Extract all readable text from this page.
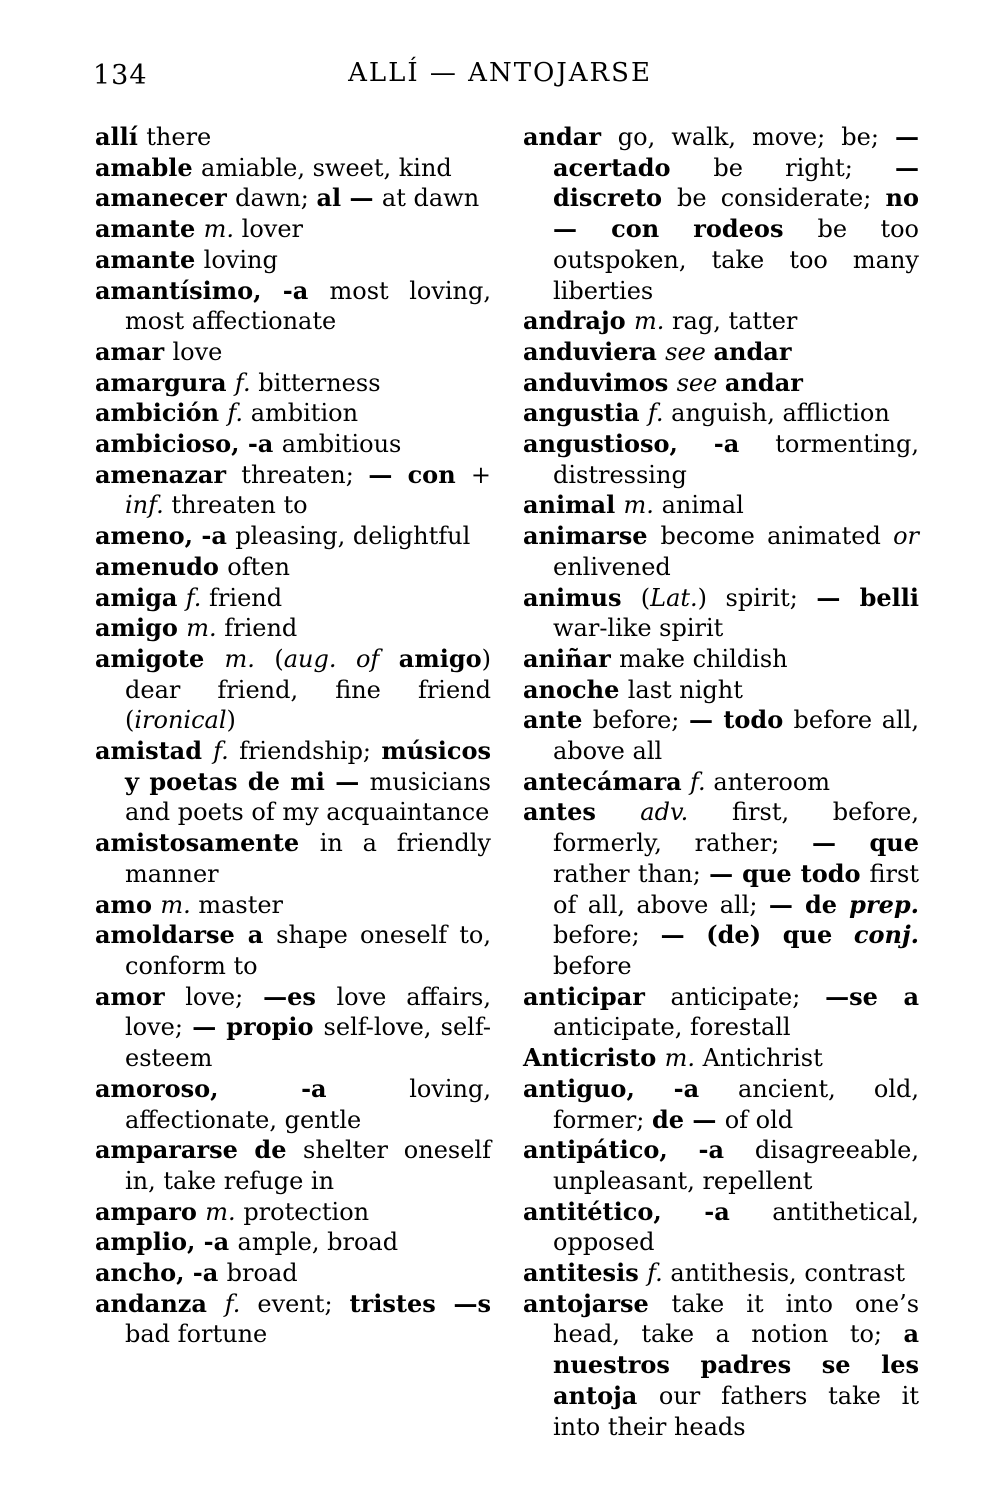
134	ALLÍ — ANTOJARSE
allí there
amable amiable, sweet, kind
amanecer dawn; al — at dawn
amante m. lover
amante loving
amantísimo, -a most loving, most affectionate
amar love
amargura f. bitterness
ambición f. ambition
ambicioso, -a ambitious
amenazar threaten; — con + inf. threaten to
ameno, -a pleasing, delightful
amenudo often
amiga f. friend
amigo m. friend
amigote m. (aug. of amigo) dear friend, fine friend (ironical)
amistad f. friendship; músicos y poetas de mi — musicians and poets of my acquaintance
amistosamente in a friendly manner
amo m. master
amoldarse a shape oneself to, conform to
amor love; —es love affairs, love; — propio self-love, self-esteem
amoroso, -a loving, affectionate, gentle
ampararse de shelter oneself in, take refuge in
amparo m. protection
amplio, -a ample, broad
ancho, -a broad
andanza f. event; tristes —s bad fortune
andar go, walk, move; be; — acertado be right; — discreto be considerate; no — con rodeos be too outspoken, take too many liberties
andrajo m. rag, tatter
anduviera see andar
anduvimos see andar
angustia f. anguish, affliction
angustioso, -a tormenting, distressing
animal m. animal
animarse become animated or enlivened
animus (Lat.) spirit; — belli war-like spirit
aniñar make childish
anoche last night
ante before; — todo before all, above all
antecámara f. anteroom
antes adv. first, before, formerly, rather; — que rather than; — que todo first of all, above all; — de prep. before; — (de) que conj. before
anticipar anticipate; —se a anticipate, forestall
Anticristo m. Antichrist
antiguo, -a ancient, old, former; de — of old
antipático, -a disagreeable, unpleasant, repellent
antitético, -a antithetical, opposed
antitesis f. antithesis, contrast
antojarse take it into one’s head, take a notion to; a nuestros padres se les antoja our fathers take it into their heads
